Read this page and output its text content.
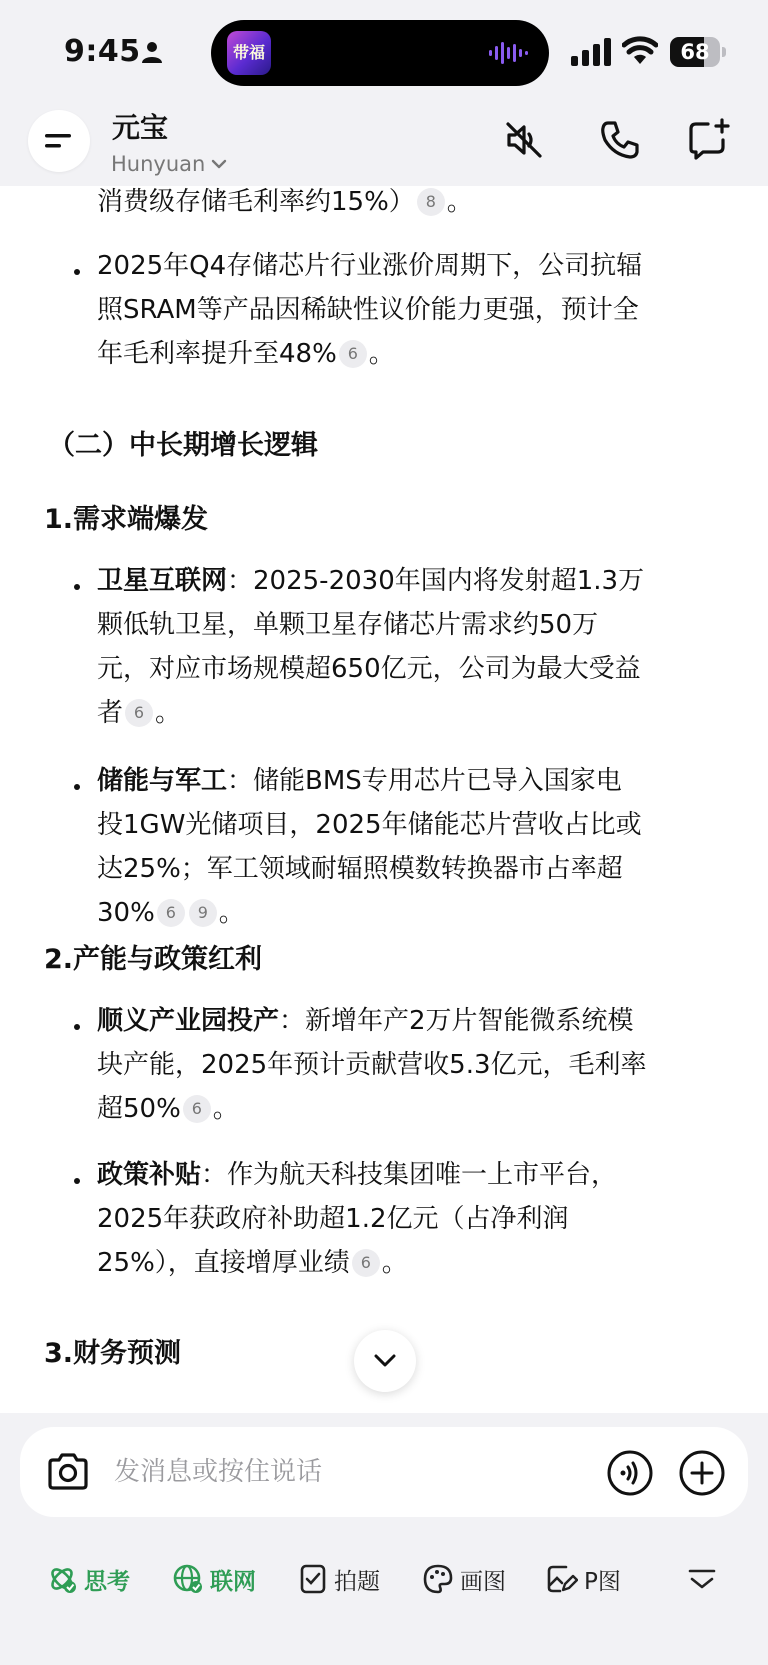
9:45	带福	68
元宝
Hunyuan
消费级存储毛利率约15%） 8 。
2025年Q4存储芯片行业涨价周期下，公司抗辐
照SRAM等产品因稀缺性议价能力更强，预计全
年毛利率提升至48% 6 。
（二）中长期增长逻辑
1.需求端爆发
卫星互联网：2025-2030年国内将发射超1.3万
颗低轨卫星，单颗卫星存储芯片需求约50万
元，对应市场规模超650亿元，公司为最大受益
者 6 。
储能与军工：储能BMS专用芯片已导入国家电
投1GW光储项目，2025年储能芯片营收占比或
达25%；军工领域耐辐照模数转换器市占率超
30% 6 9 。
2.产能与政策红利
顺义产业园投产：新增年产2万片智能微系统模
块产能，2025年预计贡献营收5.3亿元，毛利率
超50% 6 。
政策补贴：作为航天科技集团唯一上市平台，
2025年获政府补助超1.2亿元（占净利润
25%），直接增厚业绩 6 。
3.财务预测
发消息或按住说话
思考	联网	拍题	画图	P图
